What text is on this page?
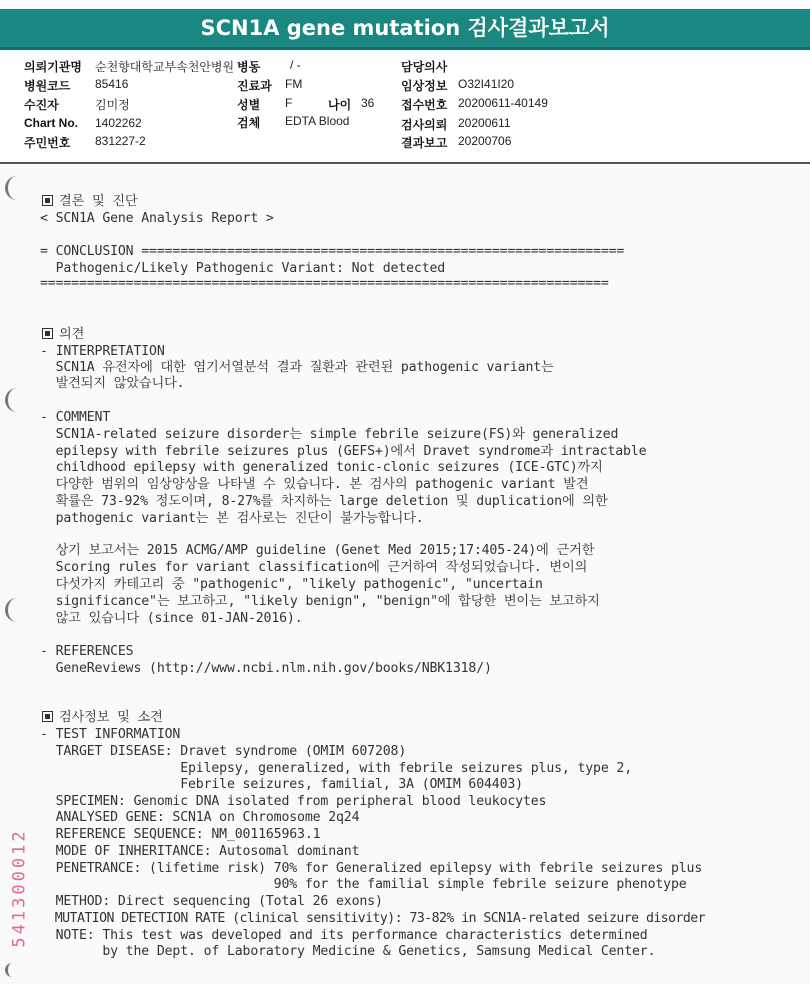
SCN1A gene mutation 검사결과보고서
의뢰기관명 순천향대학교부속천안병원 병동 / -	담당의사
병원코드 85416	진료과 FM	임상정보 O32I41I20
수진자	김미정	성별 F	나이 36 접수번호 20200611-40149
Chart No. 1402262	검체 EDTA Blood	검사의뢰 20200611
주민번호 831227-2	결과보고 20200706
결론 및 진단
< SCN1A Gene Analysis Report >
= CONCLUSION ==============================================================
Pathogenic/Likely Pathogenic Variant: Not detected
=========================================================================
의견
- INTERPRETATION
SCN1A 유전자에 대한 염기서열분석 결과 질환과 관련된 pathogenic variant는
발견되지 않았습니다.
- COMMENT
SCN1A-related seizure disorder는 simple febrile seizure(FS)와 generalized
epilepsy with febrile seizures plus (GEFS+)에서 Dravet syndrome과 intractable
childhood epilepsy with generalized tonic-clonic seizures (ICE-GTC)까지
다양한 범위의 임상양상을 나타낼 수 있습니다. 본 검사의 pathogenic variant 발견
확률은 73-92% 정도이며, 8-27%를 차지하는 large deletion 및 duplication에 의한
pathogenic variant는 본 검사로는 진단이 불가능합니다.
상기 보고서는 2015 ACMG/AMP guideline (Genet Med 2015;17:405-24)에 근거한
Scoring rules for variant classification에 근거하여 작성되었습니다. 변이의
다섯가지 카테고리 중 "pathogenic", "likely pathogenic", "uncertain
significance"는 보고하고, "likely benign", "benign"에 합당한 변이는 보고하지
않고 있습니다 (since 01-JAN-2016).
- REFERENCES
GeneReviews (http://www.ncbi.nlm.nih.gov/books/NBK1318/)
검사정보 및 소견
- TEST INFORMATION
TARGET DISEASE: Dravet syndrome (OMIM 607208)
Epilepsy, generalized, with febrile seizures plus, type 2,
Febrile seizures, familial, 3A (OMIM 604403)
SPECIMEN: Genomic DNA isolated from peripheral blood leukocytes
ANALYSED GENE: SCN1A on Chromosome 2q24
REFERENCE SEQUENCE: NM_001165963.1
MODE OF INHERITANCE: Autosomal dominant
PENETRANCE: (lifetime risk) 70% for Generalized epilepsy with febrile seizures plus
90% for the familial simple febrile seizure phenotype
METHOD: Direct sequencing (Total 26 exons)
MUTATION DETECTION RATE (clinical sensitivity): 73-82% in SCN1A-related seizure disorder
NOTE: This test was developed and its performance characteristics determined
by the Dept. of Laboratory Medicine & Genetics, Samsung Medical Center.
541300012
